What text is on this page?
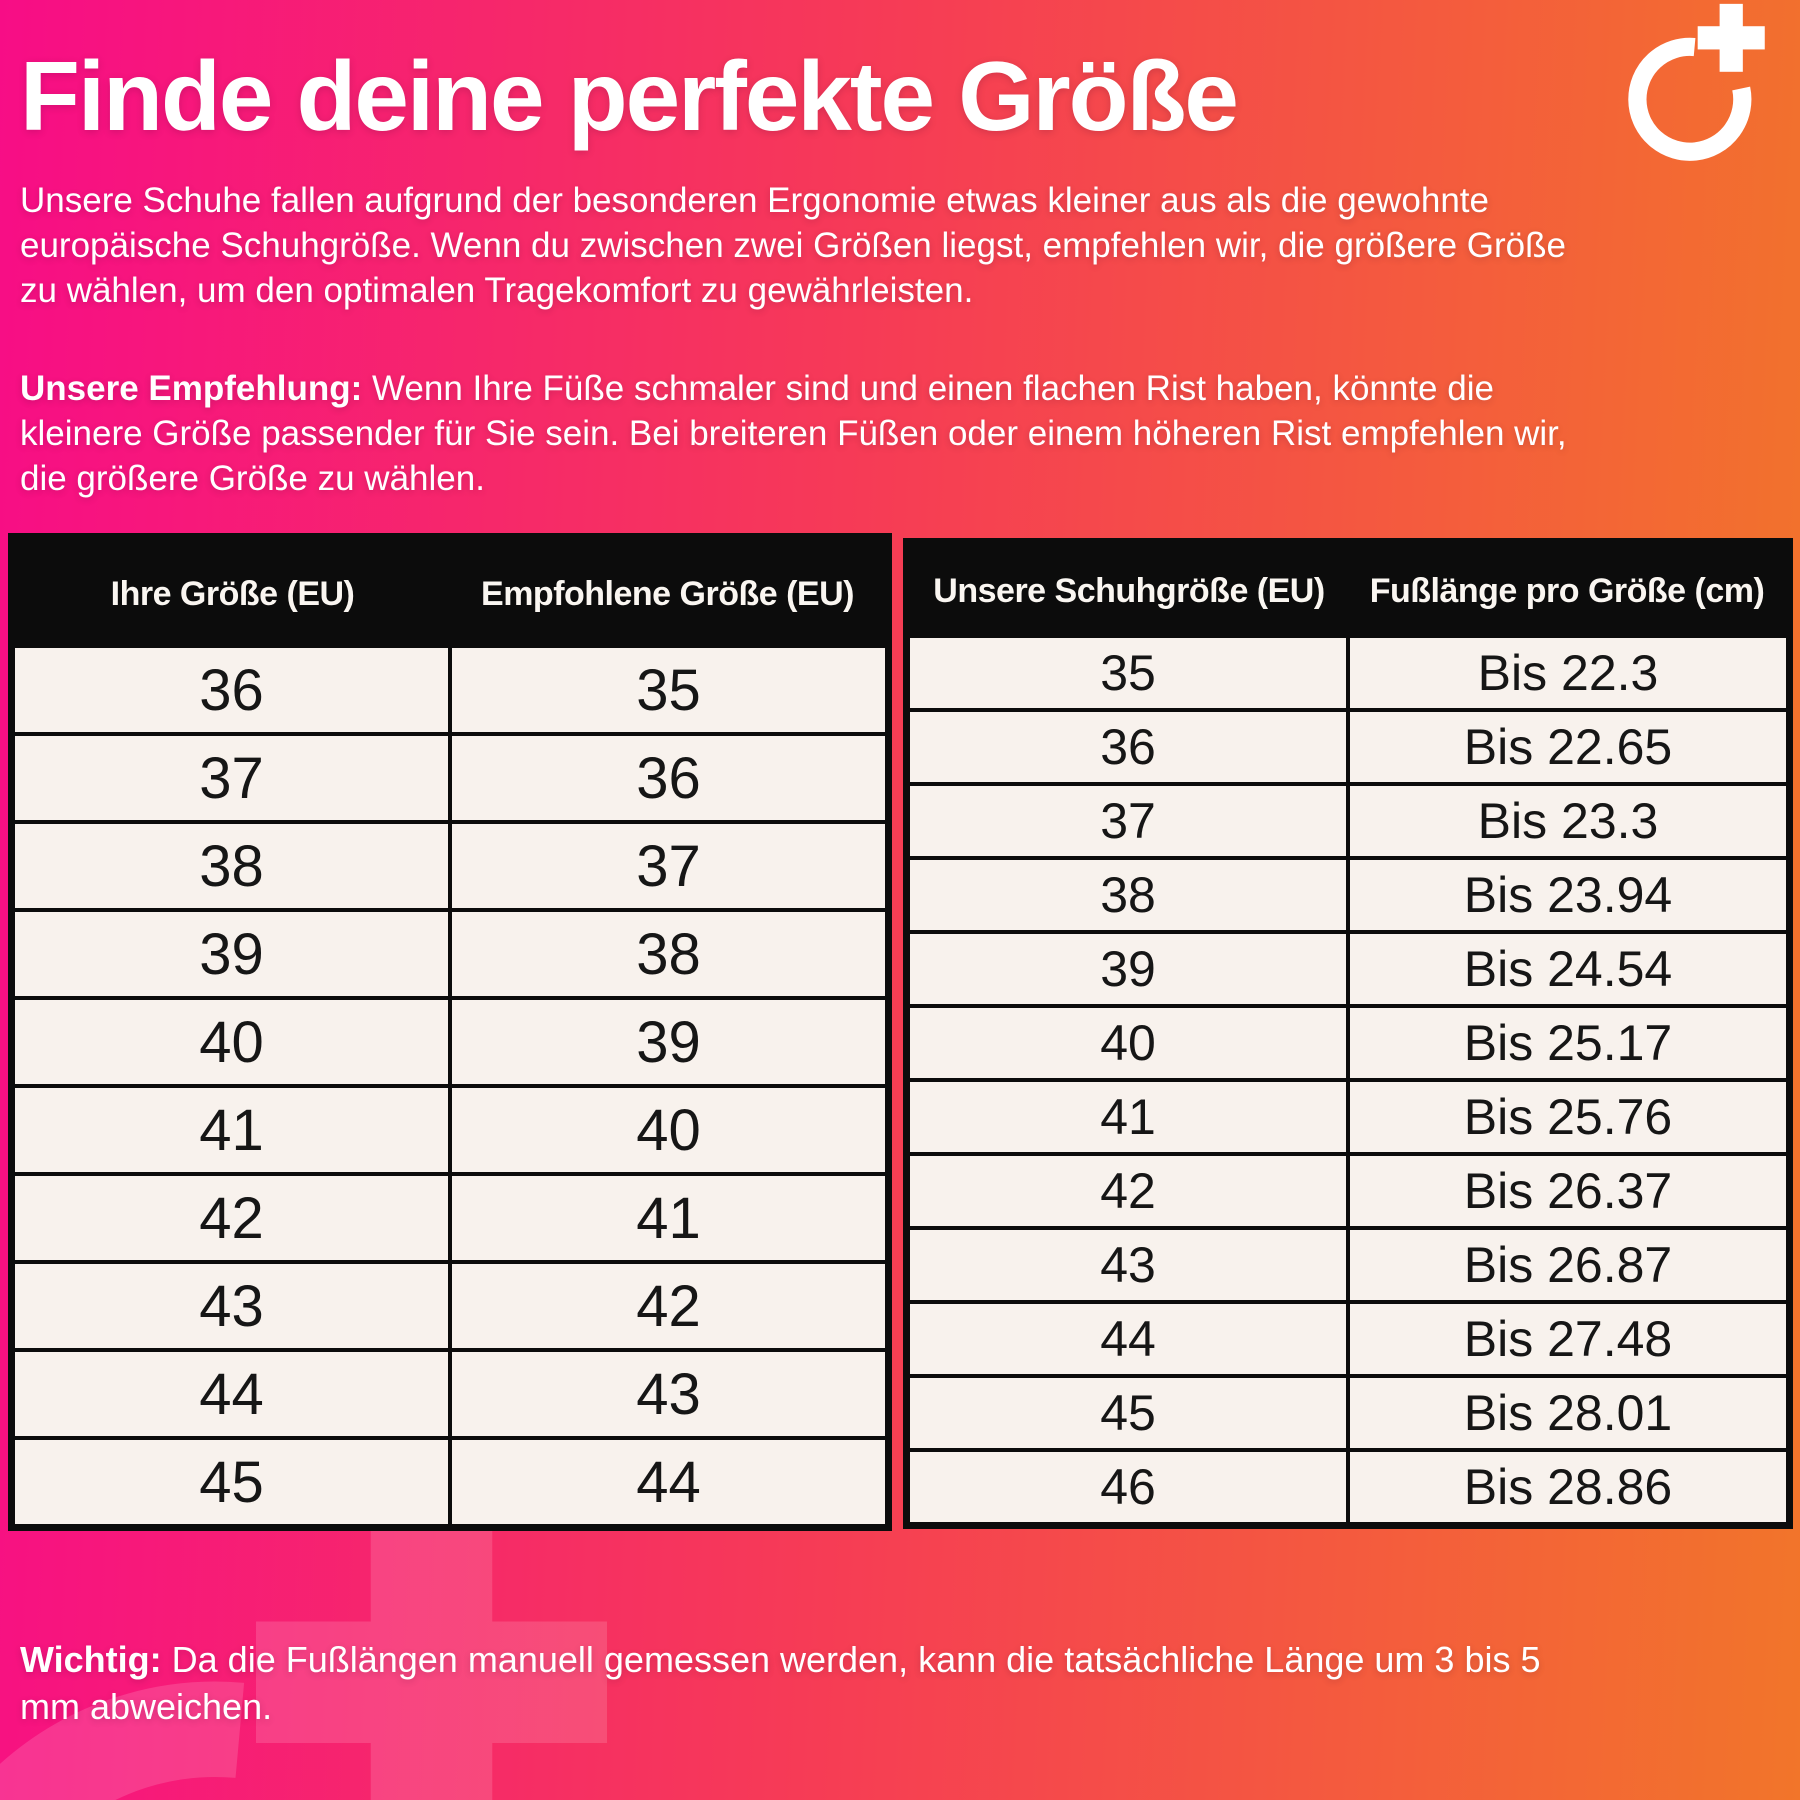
Finde deine perfekte Größe

Unsere Schuhe fallen aufgrund der besonderen Ergonomie etwas kleiner aus als die gewohnte europäische Schuhgröße. Wenn du zwischen zwei Größen liegst, empfehlen wir, die größere Größe zu wählen, um den optimalen Tragekomfort zu gewährleisten.

Unsere Empfehlung: Wenn Ihre Füße schmaler sind und einen flachen Rist haben, könnte die kleinere Größe passender für Sie sein. Bei breiteren Füßen oder einem höheren Rist empfehlen wir, die größere Größe zu wählen.

Ihre Größe (EU)	Empfohlene Größe (EU)
36	35
37	36
38	37
39	38
40	39
41	40
42	41
43	42
44	43
45	44
Unsere Schuhgröße (EU)	Fußlänge pro Größe (cm)
35	Bis 22.3
36	Bis 22.65
37	Bis 23.3
38	Bis 23.94
39	Bis 24.54
40	Bis 25.17
41	Bis 25.76
42	Bis 26.37
43	Bis 26.87
44	Bis 27.48
45	Bis 28.01
46	Bis 28.86

Wichtig: Da die Fußlängen manuell gemessen werden, kann die tatsächliche Länge um 3 bis 5 mm abweichen.
